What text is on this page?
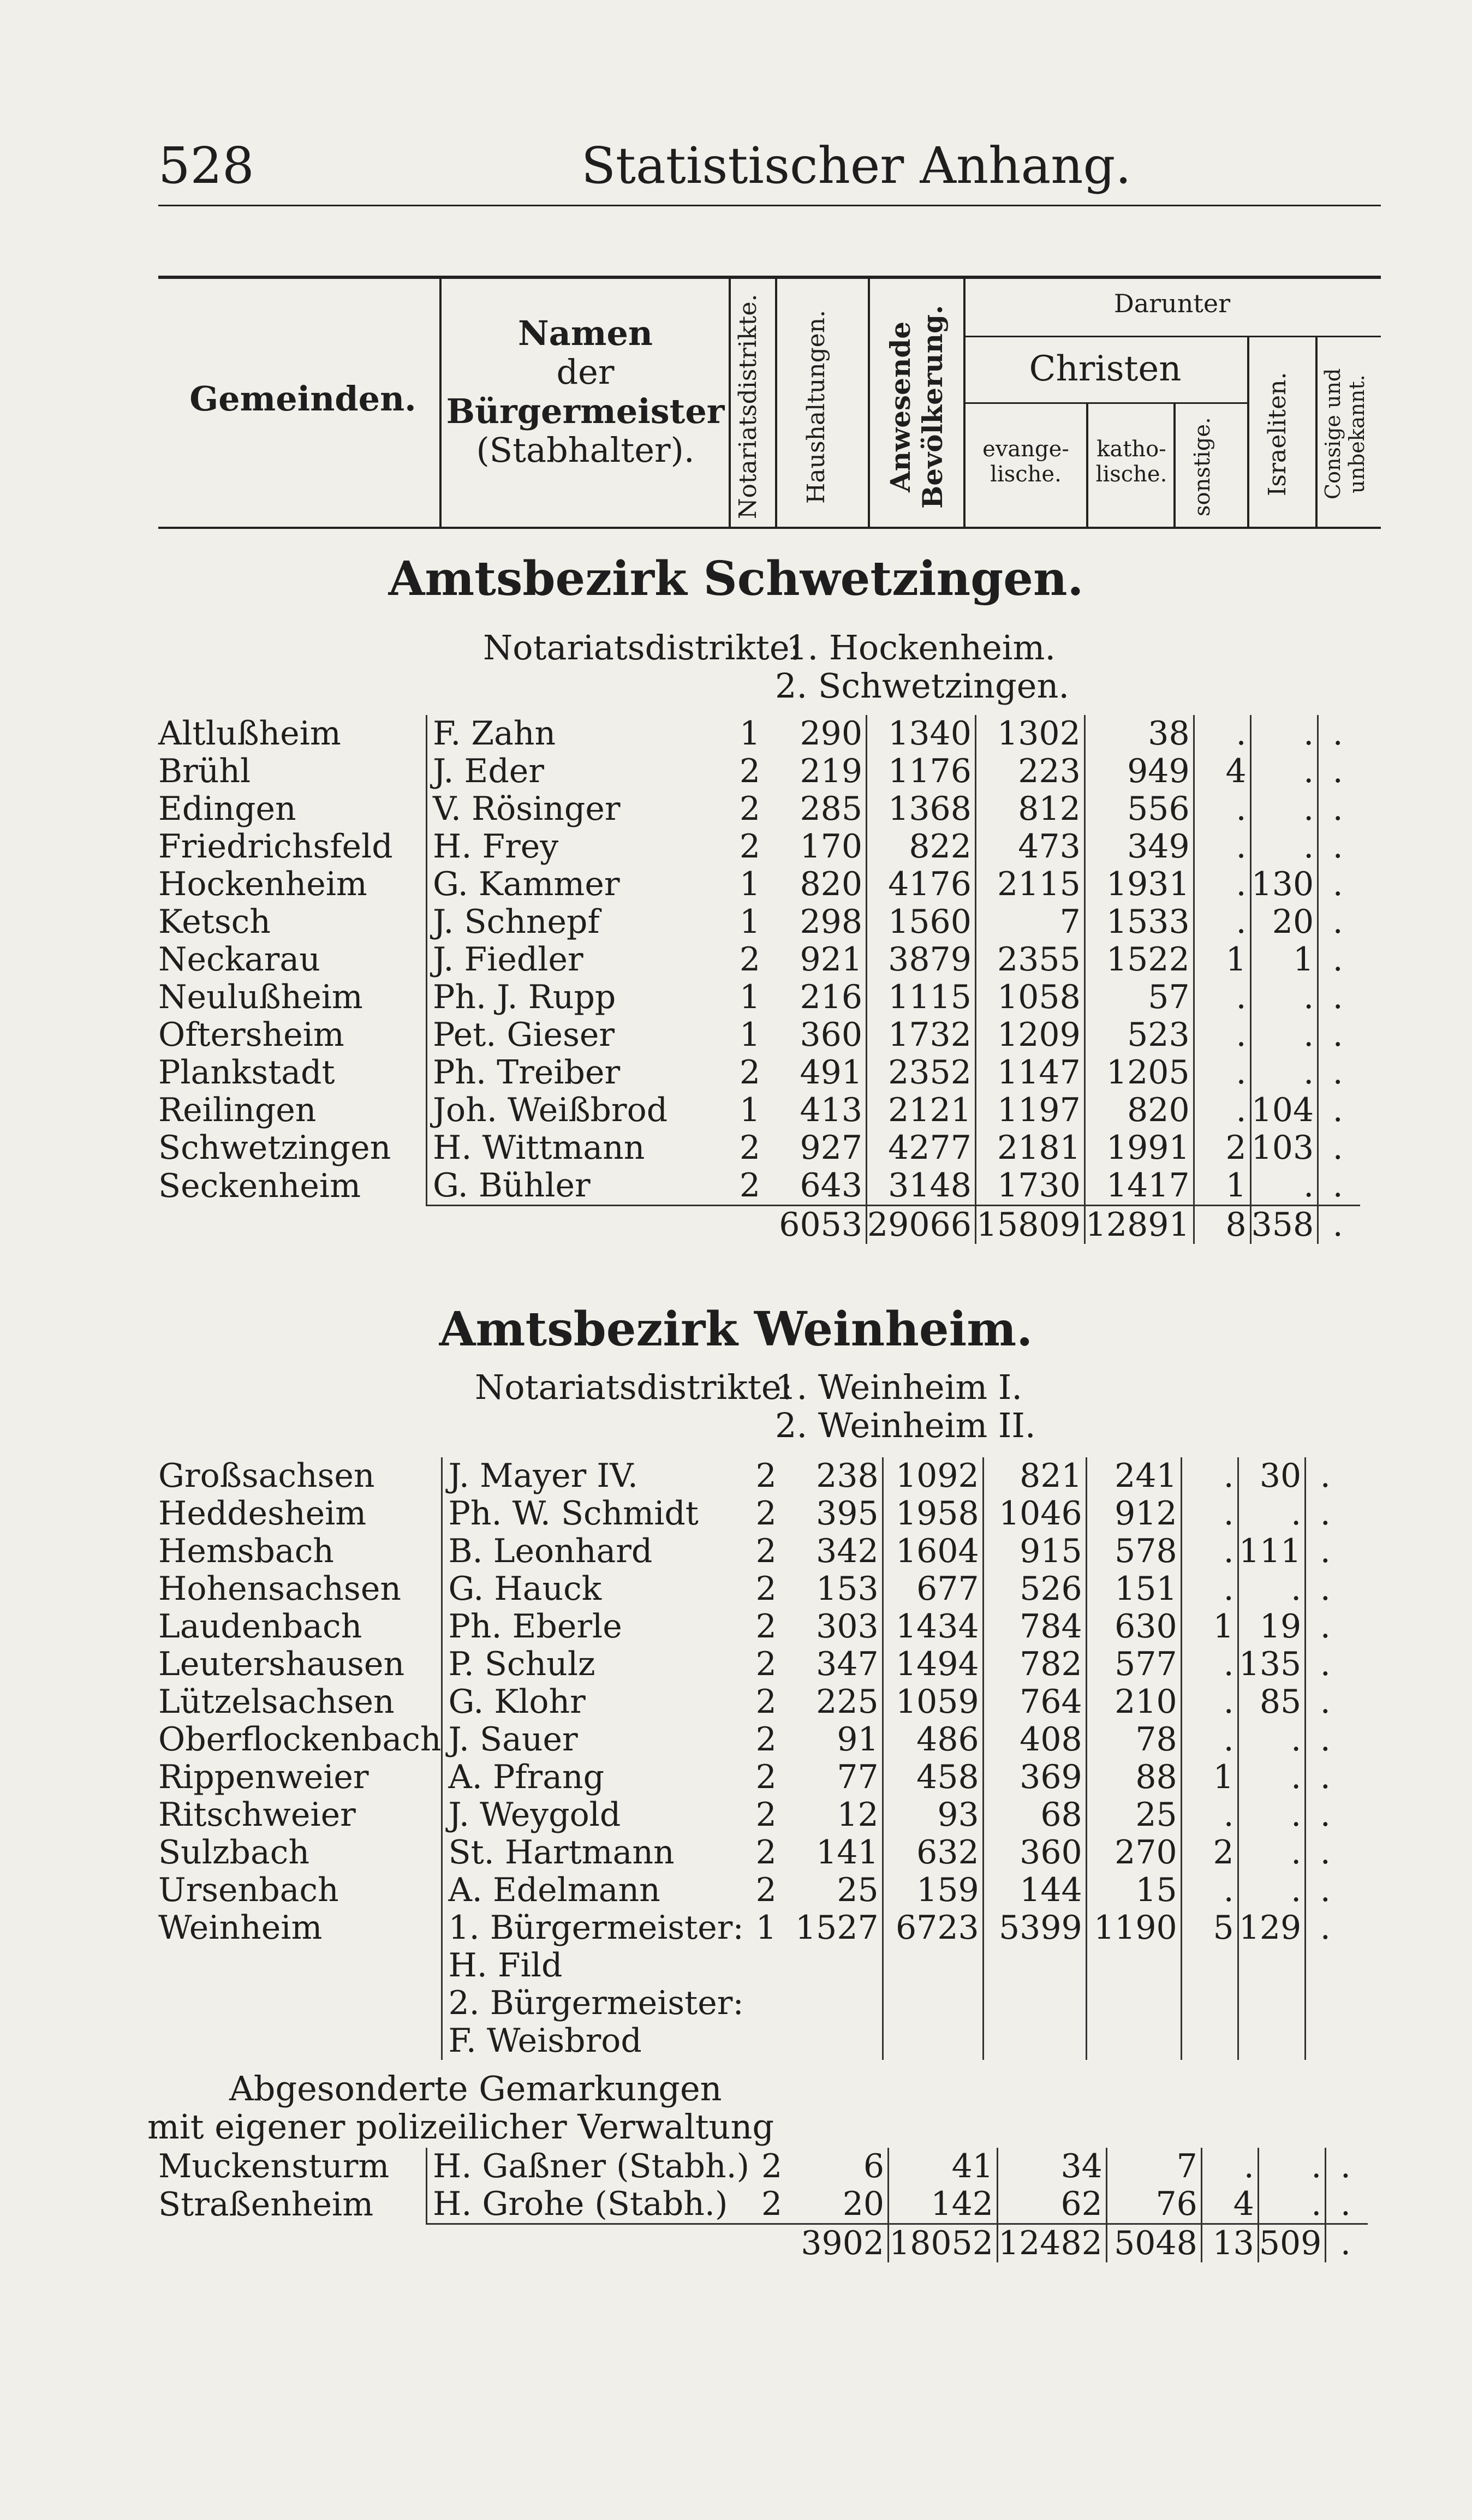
528	Statistischer Anhang.
Gemeinden.
Namen
der
Bürgermeister
(Stabhalter).	Notariatsdistrikte.	Haushaltungen.	Anwesende Bevölkerung.
Darunter
Christen
evange-lische.
katho-lische. sonstige.	Israeliten.	Consige und unbekannt.
Amtsbezirk Schwetzingen.
Notariatsdistrikte:
1. Hockenheim.
2. Schwetzingen.
Altlußheim	F. Zahn	1	290	1340	1302	38	.	.	.
Brühl	J. Eder	2	219	1176	223	949	4	.	.
Edingen	V. Rösinger	2	285	1368	812	556	.	.	.
Friedrichsfeld	H. Frey	2	170	822	473	349	.	.	.
Hockenheim	G. Kammer	1	820	4176	2115	1931	.	130	.
Ketsch	J. Schnepf	1	298	1560	7	1533	.	20	.
Neckarau	J. Fiedler	2	921	3879	2355	1522	1	1	.
Neulußheim	Ph. J. Rupp	1	216	1115	1058	57	.	.	.
Oftersheim	Pet. Gieser	1	360	1732	1209	523	.	.	.
Plankstadt	Ph. Treiber	2	491	2352	1147	1205	.	.	.
Reilingen	Joh. Weißbrod	1	413	2121	1197	820	.	104	.
Schwetzingen	H. Wittmann	2	927	4277	2181	1991	2	103	.
Seckenheim	G. Bühler	2	643	3148	1730	1417	1	.	.
			6053	29066	15809	12891	8	358	.
Amtsbezirk Weinheim.
Notariatsdistrikte:
1. Weinheim I.
2. Weinheim II.
Großsachsen	J. Mayer IV.	2	238	1092	821	241	.	30	.
Heddesheim	Ph. W. Schmidt	2	395	1958	1046	912	.	.	.
Hemsbach	B. Leonhard	2	342	1604	915	578	.	111	.
Hohensachsen	G. Hauck	2	153	677	526	151	.	.	.
Laudenbach	Ph. Eberle	2	303	1434	784	630	1	19	.
Leutershausen	P. Schulz	2	347	1494	782	577	.	135	.
Lützelsachsen	G. Klohr	2	225	1059	764	210	.	85	.
Oberflockenbach	J. Sauer	2	91	486	408	78	.	.	.
Rippenweier	A. Pfrang	2	77	458	369	88	1	.	.
Ritschweier	J. Weygold	2	12	93	68	25	.	.	.
Sulzbach	St. Hartmann	2	141	632	360	270	2	.	.
Ursenbach	A. Edelmann	2	25	159	144	15	.	.	.
Weinheim	1. Bürgermeister:	1	1527	6723	5399	1190	5	129	.
	H. Fild								
	2. Bürgermeister:								
	F. Weisbrod								
Abgesonderte Gemarkungen
mit eigener polizeilicher Verwaltung
Muckensturm	H. Gaßner (Stabh.)	2	6	41	34	7	.	.	.
Straßenheim	H. Grohe (Stabh.)	2	20	142	62	76	4	.	.
			3902	18052	12482	5048	13	509	.
